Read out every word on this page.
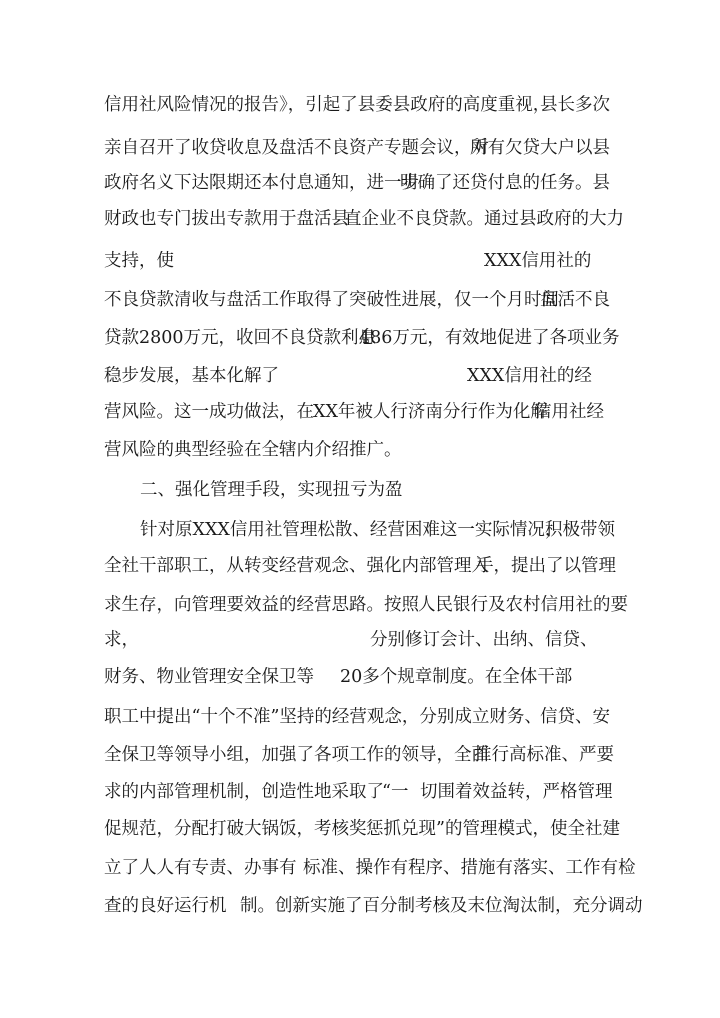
信用社风险情况的报告》，引起了县委县政府的高度重视，

县长多次

亲自召开了收贷收息及盘活不良资产专题会议，对

所有欠贷大户以县

政府名义下达限期还本付息通知，进一步

明确了还贷付息的任务。县

财政也专门拔出专款用于盘活县

直企业不良贷款。通过县政府的大力

支持，使

	XXX信用社的

不良贷款清收与盘活工作取得了突破性进展，仅一个月时间

盘活不良

贷款2800万元，收回不良贷款利息

486万元，有

效地促进了各项业务

稳步发展，基本化解了

	XXX信用社的经

营风险。这一成功做法，在

XX年被人行济南分行作为化解

信用社经

营风险的典型经验在全辖内介绍推广。

二、强化管理手段，实现扭亏为盈

针对原XXX信用社管理松散、经营困难这一实际情况，

积极带领

全社干部职工，从转变经营观念、强化内部管理入

手，提出了以管理

求生存，向管理要效益的经营思路。按照

人民银行及农村信用社的要

求，

	分别修订会计、出纳、信贷、

财务、物业管理安全保卫等

20多个规章制度。在全体干部

职工中提出“十个不准”坚持的经营观念，分别成立财务、

信贷、安

全保卫等领导小组，加强了各项工作的领导，全面

推行高标准、严要

求的内部管理机制，创造性地采取了

“一

切围着效益转，严格管理

促规范，分配打破大锅饭，考核奖

惩抓兑现”的管理模式，使全社建

立了人人有专责、办事有

标准、操作有程序、措施有落实、工作有检

查的良好运行机

制。创新实施了百分制考核及末位淘汰制，充分调动
